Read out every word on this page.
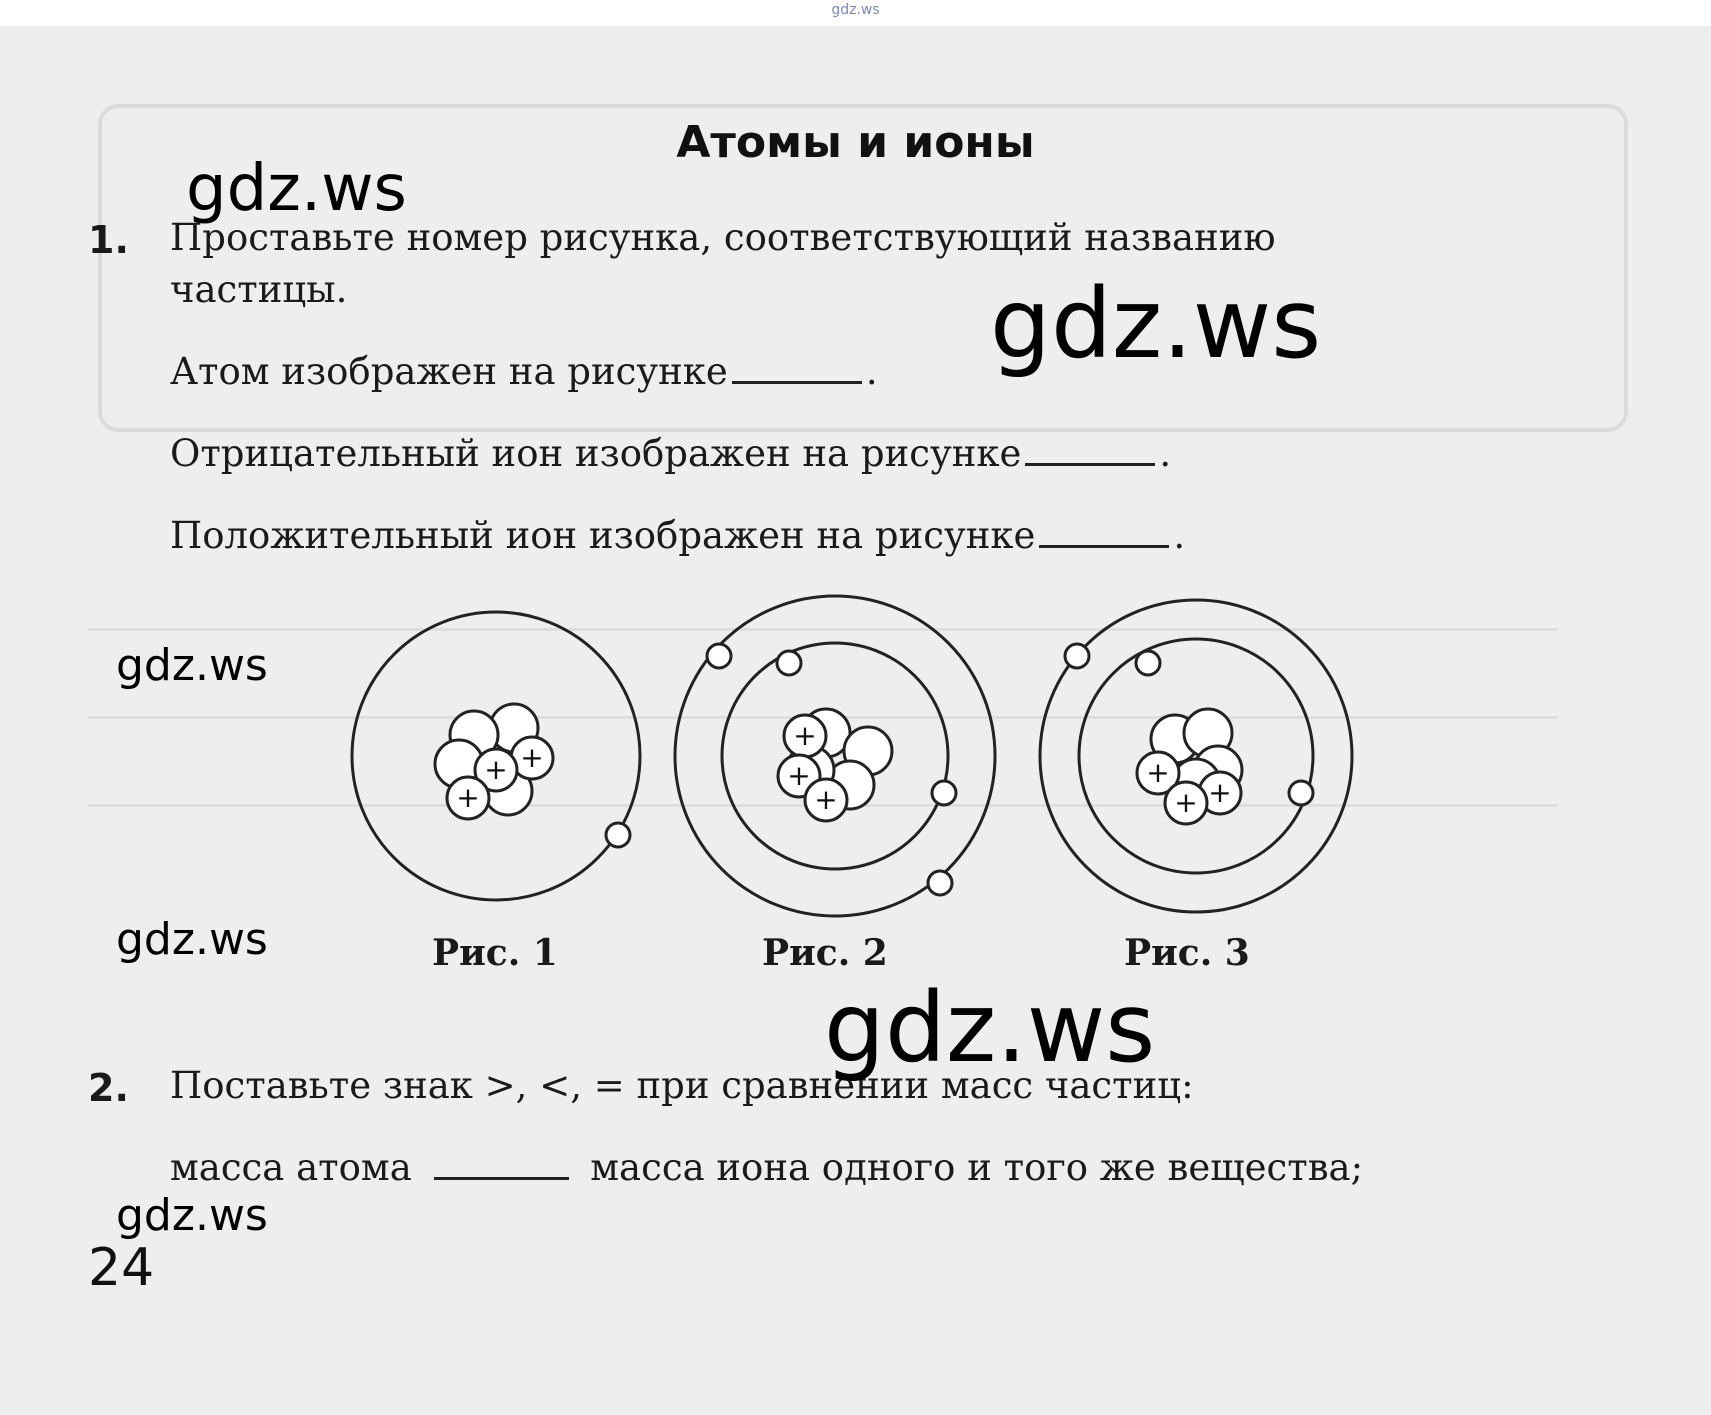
gdz.ws
Атомы и ионы
1. Проставьте номер рисунка, соответствующий названию
частицы.
Атом изображен на рисунке	.
Отрицательный ион изображен на рисунке	.
Положительный ион изображен на рисунке	.
+
+
+
+
+
+
+
+
+
Рис. 1	Рис. 2	Рис. 3
2. Поставьте знак >, <, = при сравнении масс частиц:
масса атома	масса иона одного и того же вещества;
gdz.ws
gdz.ws
gdz.ws
gdz.ws
gdz.ws
gdz.ws
24
